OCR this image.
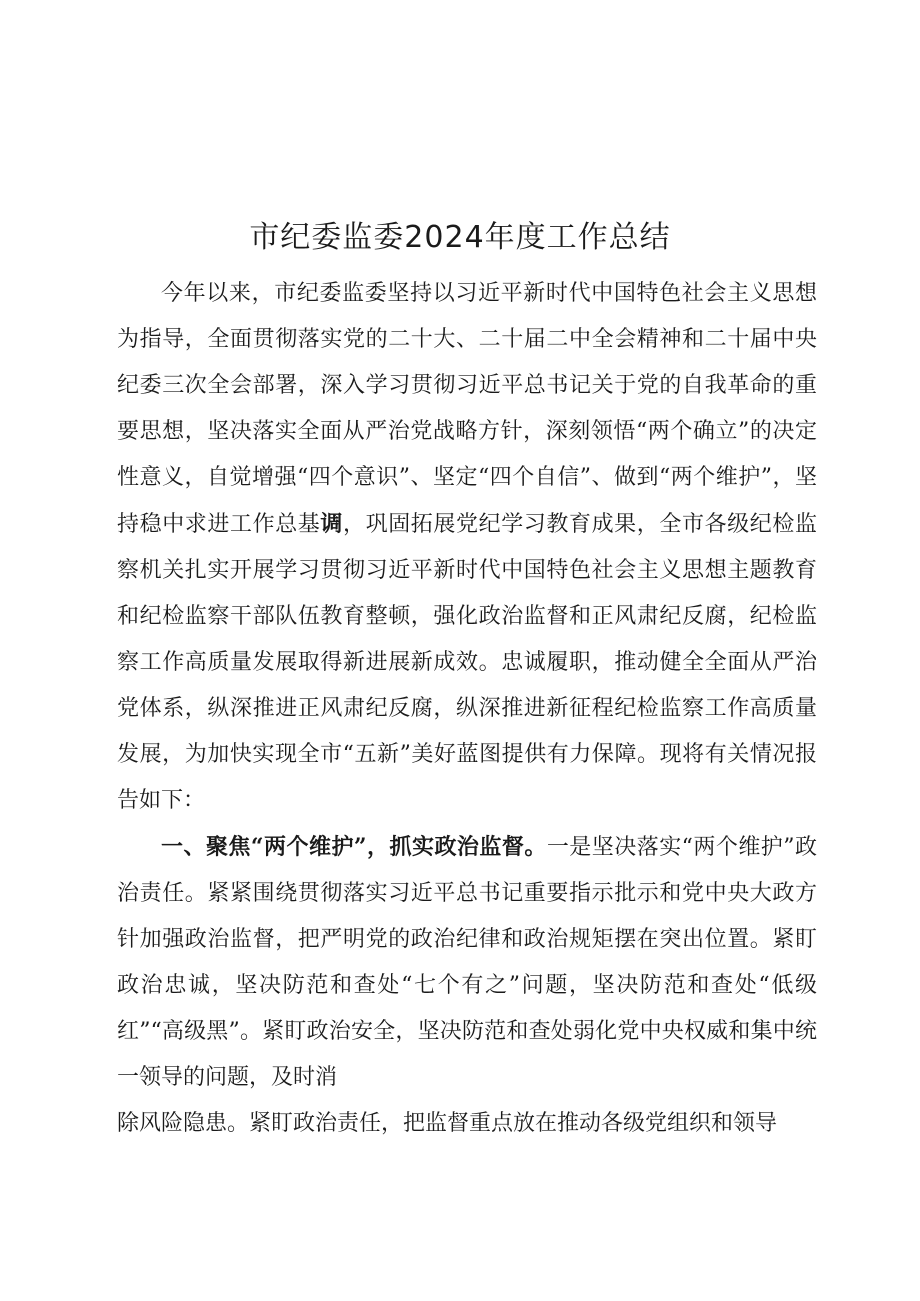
市纪委监委2024年度工作总结

今年以来，市纪委监委坚持以习近平新时代中国特色社会主义思想为指导，全面贯彻落实党的二十大、二十届二中全会精神和二十届中央纪委三次全会部署，深入学习贯彻习近平总书记关于党的自我革命的重要思想，坚决落实全面从严治党战略方针，深刻领悟“两个确立”的决定性意义，自觉增强“四个意识”、坚定“四个自信”、做到“两个维护”，坚持稳中求进工作总基调，巩固拓展党纪学习教育成果，全市各级纪检监察机关扎实开展学习贯彻习近平新时代中国特色社会主义思想主题教育和纪检监察干部队伍教育整顿，强化政治监督和正风肃纪反腐，纪检监察工作高质量发展取得新进展新成效。忠诚履职，推动健全全面从严治党体系，纵深推进正风肃纪反腐，纵深推进新征程纪检监察工作高质量发展，为加快实现全市“五新”美好蓝图提供有力保障。现将有关情况报告如下：

一、聚焦“两个维护”，抓实政治监督。一是坚决落实“两个维护”政治责任。紧紧围绕贯彻落实习近平总书记重要指示批示和党中央大政方针加强政治监督，把严明党的政治纪律和政治规矩摆在突出位置。紧盯政治忠诚，坚决防范和查处“七个有之”问题，坚决防范和查处“低级红”“高级黑”。紧盯政治安全，坚决防范和查处弱化党中央权威和集中统一领导的问题，及时消

除风险隐患。紧盯政治责任，把监督重点放在推动各级党组织和领导
